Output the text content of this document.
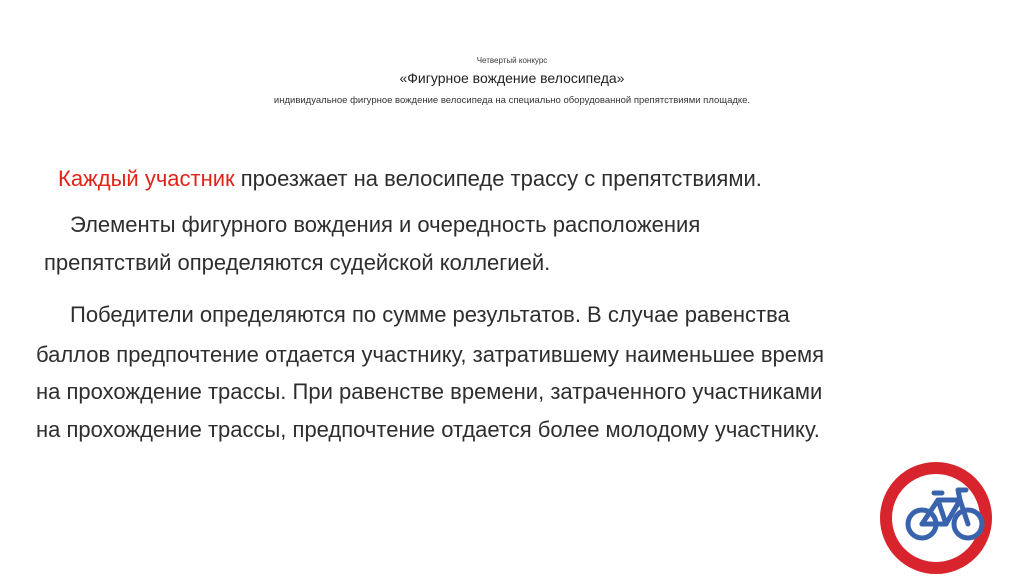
Четвертый конкурс
«Фигурное вождение велосипеда»
индивидуальное фигурное вождение велосипеда на специально оборудованной препятствиями площадке.
Каждый участник проезжает на велосипеде трассу с препятствиями.
Элементы фигурного вождения и очередность расположения
препятствий определяются судейской коллегией.
Победители определяются по сумме результатов. В случае равенства
баллов предпочтение отдается участнику, затратившему наименьшее время
на прохождение трассы. При равенстве времени, затраченного участниками
на прохождение трассы, предпочтение отдается более молодому участнику.
